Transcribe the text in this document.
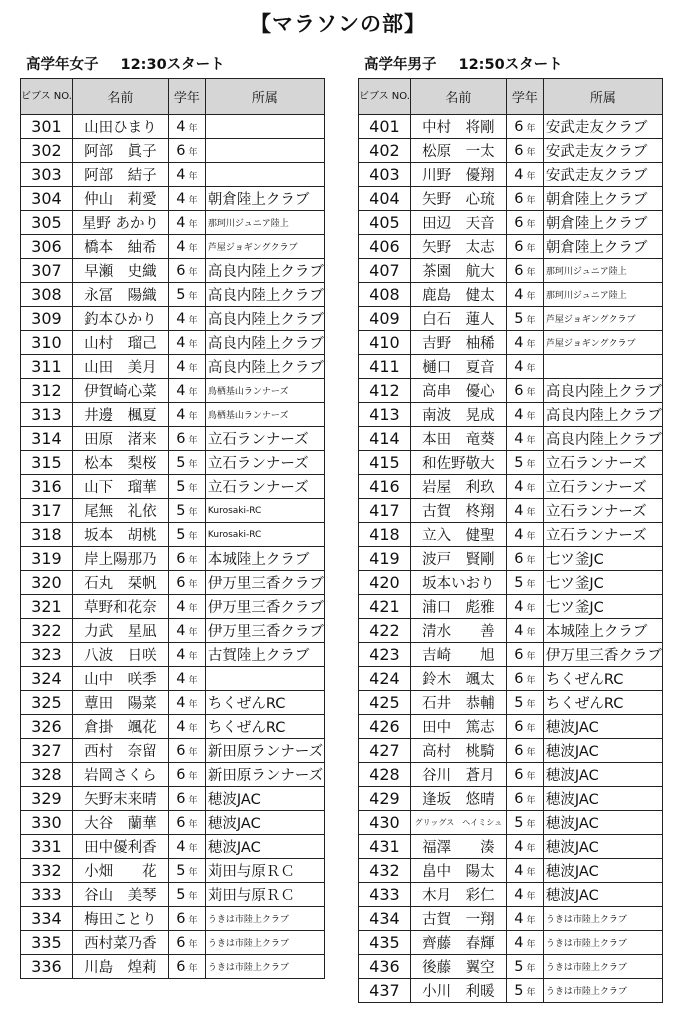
【マラソンの部】
高学年女子 12:30スタート
ビブス NO.	名前	学年	所属
301	山田ひまり	4 年	
302	阿部　眞子	6 年	
303	阿部　結子	4 年	
304	仲山　莉愛	4 年	朝倉陸上クラブ
305	星野 あかり	4 年	那珂川ジュニア陸上
306	橋本　紬希	4 年	芦屋ジョギングクラブ
307	早瀬　史織	6 年	高良内陸上クラブ
308	永冨　陽織	5 年	高良内陸上クラブ
309	釣本ひかり	4 年	高良内陸上クラブ
310	山村　瑠己	4 年	高良内陸上クラブ
311	山田　美月	4 年	高良内陸上クラブ
312	伊賀崎心菜	4 年	鳥栖基山ランナーズ
313	井邊　楓夏	4 年	鳥栖基山ランナーズ
314	田原　渚来	6 年	立石ランナーズ
315	松本　梨桜	5 年	立石ランナーズ
316	山下　瑠華	5 年	立石ランナーズ
317	尾無　礼依	5 年	Kurosaki-RC
318	坂本　胡桃	5 年	Kurosaki-RC
319	岸上陽那乃	6 年	本城陸上クラブ
320	石丸　栞帆	6 年	伊万里三香クラブ
321	草野和花奈	4 年	伊万里三香クラブ
322	力武　星凪	4 年	伊万里三香クラブ
323	八波　日咲	4 年	古賀陸上クラブ
324	山中　咲季	4 年	
325	蕈田　陽菜	4 年	ちくぜんRC
326	倉掛　颯花	4 年	ちくぜんRC
327	西村　奈留	6 年	新田原ランナーズ
328	岩岡さくら	6 年	新田原ランナーズ
329	矢野末来晴	6 年	穂波JAC
330	大谷　蘭華	6 年	穂波JAC
331	田中優利香	4 年	穂波JAC
332	小畑　　花	5 年	苅田与原ＲＣ
333	谷山　美琴	5 年	苅田与原ＲＣ
334	梅田ことり	6 年	うきは市陸上クラブ
335	西村菜乃香	6 年	うきは市陸上クラブ
336	川島　煌莉	6 年	うきは市陸上クラブ
高学年男子 12:50スタート
ビブス NO.	名前	学年	所属
401	中村　将剛	6 年	安武走友クラブ
402	松原　一太	6 年	安武走友クラブ
403	川野　優翔	4 年	安武走友クラブ
404	矢野　心琉	6 年	朝倉陸上クラブ
405	田辺　天音	6 年	朝倉陸上クラブ
406	矢野　太志	6 年	朝倉陸上クラブ
407	茶園　航大	6 年	那珂川ジュニア陸上
408	鹿島　健太	4 年	那珂川ジュニア陸上
409	白石　蓮人	5 年	芦屋ジョギングクラブ
410	吉野　柚稀	4 年	芦屋ジョギングクラブ
411	樋口　夏音	4 年	
412	高串　優心	6 年	高良内陸上クラブ
413	南波　晃成	4 年	高良内陸上クラブ
414	本田　竜葵	4 年	高良内陸上クラブ
415	和佐野敬大	5 年	立石ランナーズ
416	岩屋　利玖	4 年	立石ランナーズ
417	古賀　柊翔	4 年	立石ランナーズ
418	立入　健聖	4 年	立石ランナーズ
419	波戸　賢剛	6 年	七ツ釜JC
420	坂本いおり	5 年	七ツ釜JC
421	浦口　彪雅	4 年	七ツ釜JC
422	清水　　善	4 年	本城陸上クラブ
423	吉崎　　旭	6 年	伊万里三香クラブ
424	鈴木　颯太	6 年	ちくぜんRC
425	石井　恭輔	5 年	ちくぜんRC
426	田中　篤志	6 年	穂波JAC
427	高村　桃騎	6 年	穂波JAC
428	谷川　蒼月	6 年	穂波JAC
429	逢坂　悠晴	6 年	穂波JAC
430	グリッグス　ヘイミシュ	5 年	穂波JAC
431	福澤　　湊	4 年	穂波JAC
432	畠中　陽太	4 年	穂波JAC
433	木月　彩仁	4 年	穂波JAC
434	古賀　一翔	4 年	うきは市陸上クラブ
435	齊藤　春輝	4 年	うきは市陸上クラブ
436	後藤　翼空	5 年	うきは市陸上クラブ
437	小川　利暖	5 年	うきは市陸上クラブ
